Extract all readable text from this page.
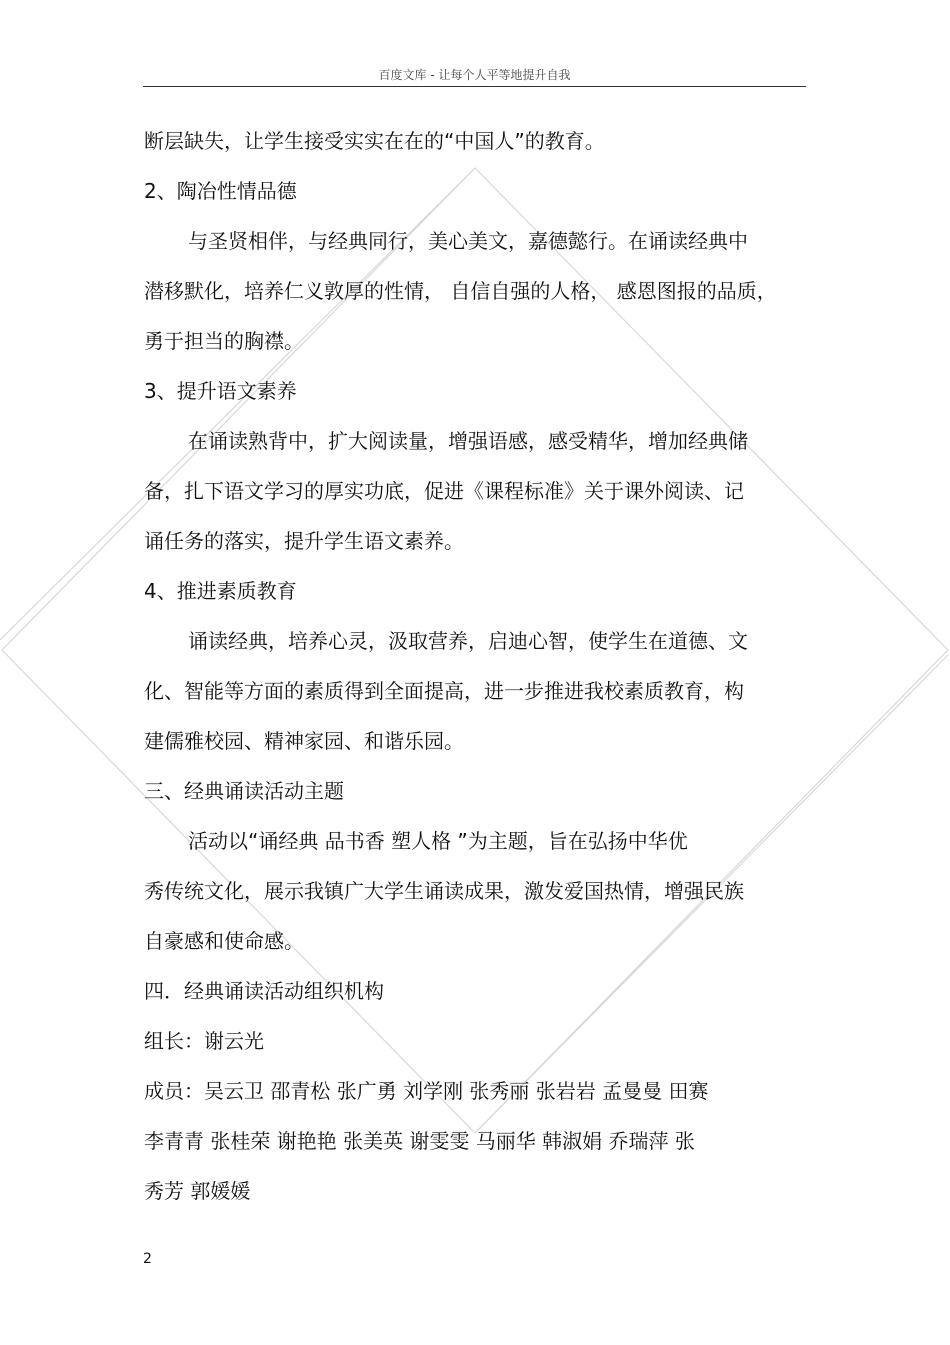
百度文库 - 让每个人平等地提升自我
断层缺失，让学生接受实实在在的“中国人”的教育。
2、陶冶性情品德
与圣贤相伴，与经典同行，美心美文，嘉德懿行。在诵读经典中
潜移默化，培养仁义敦厚的性情， 自信自强的人格， 感恩图报的品质，
勇于担当的胸襟。
3、提升语文素养
在诵读熟背中，扩大阅读量，增强语感，感受精华，增加经典储
备，扎下语文学习的厚实功底，促进《课程标准》关于课外阅读、记
诵任务的落实，提升学生语文素养。
4、推进素质教育
诵读经典，培养心灵，汲取营养，启迪心智，使学生在道德、文
化、智能等方面的素质得到全面提高，进一步推进我校素质教育，构
建儒雅校园、精神家园、和谐乐园。
三、经典诵读活动主题
活动以“诵经典 品书香 塑人格 ”为主题，旨在弘扬中华优
秀传统文化，展示我镇广大学生诵读成果，激发爱国热情，增强民族
自豪感和使命感。
四．经典诵读活动组织机构
组长：谢云光
成员：吴云卫 邵青松 张广勇 刘学刚 张秀丽 张岩岩 孟曼曼 田赛
李青青 张桂荣 谢艳艳 张美英 谢雯雯 马丽华 韩淑娟 乔瑞萍 张
秀芳 郭媛媛
2
